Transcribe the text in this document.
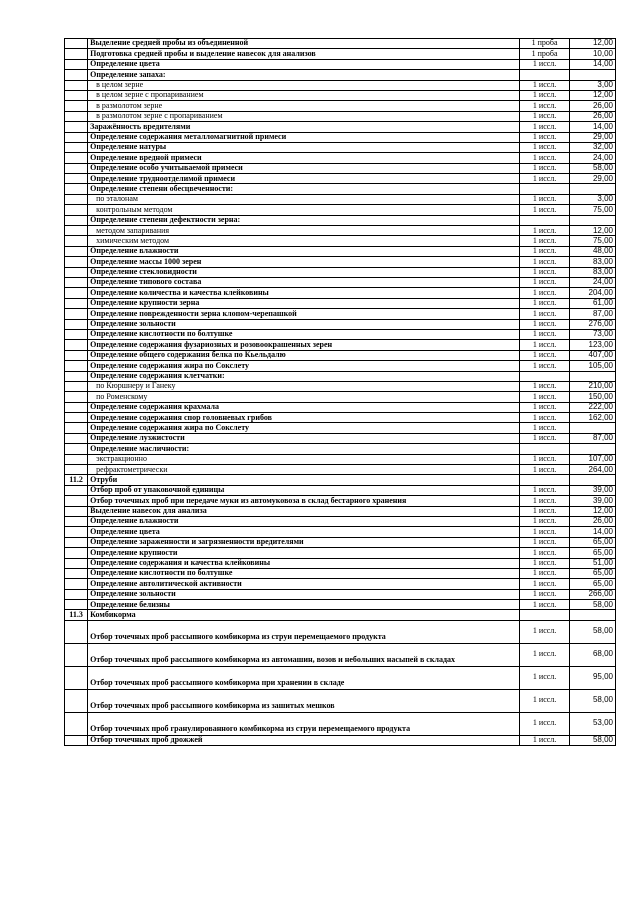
	Выделение средней пробы из объединенной	1 проба	12,00
	Подготовка средней пробы и выделение навесок для анализов	1 проба	10,00
	Определение цвета	1 иссл.	14,00
	Определение запаха:		
	в целом зерне	1 иссл.	3,00
	в целом зерне с пропариванием	1 иссл.	12,00
	в размолотом зерне	1 иссл.	26,00
	в размолотом зерне с пропариванием	1 иссл.	26,00
	Заражённость вредителями	1 иссл.	14,00
	Определение содержания металломагнитной примеси	1 иссл.	29,00
	Определение натуры	1 иссл.	32,00
	Определение вредной примеси	1 иссл.	24,00
	Определение особо учитываемой примеси	1 иссл.	58,00
	Определение трудноотделимой примеси	1 иссл.	29,00
	Определение степени обесцвеченности:		
	по эталонам	1 иссл.	3,00
	контрольным методом	1 иссл.	75,00
	Определение степени дефектности зерна:		
	методом запаривания	1 иссл.	12,00
	химическим методом	1 иссл.	75,00
	Определение влажности	1 иссл.	48,00
	Определение массы 1000 зерен	1 иссл.	83,00
	Определение стекловидности	1 иссл.	83,00
	Определение типового состава	1 иссл.	24,00
	Определение количества и качества клейковины	1 иссл.	204,00
	Определение крупности зерна	1 иссл.	61,00
	Определение поврежденности зерна клопом-черепашкой	1 иссл.	87,00
	Определение зольности	1 иссл.	276,00
	Определение кислотности по болтушке	1 иссл.	73,00
	Определение содержания фузариозных и розовоокрашенных зерен	1 иссл.	123,00
	Определение общего содержания белка по Кьельдалю	1 иссл.	407,00
	Определение содержания жира по Сокслету	1 иссл.	105,00
	Определение содержания клетчатки:		
	по Кюршнеру и Ганеку	1 иссл.	210,00
	по Роменскому	1 иссл.	150,00
	Определение содержания крахмала	1 иссл.	222,00
	Определение содержания спор головневых грибов	1 иссл.	162,00
	Определение содержания жира по Сокслету	1 иссл.	
	Определение лузжистости	1 иссл.	87,00
	Определение масличности:		
	экстракционно	1 иссл.	107,00
	рефрактометрически	1 иссл.	264,00
11.2	Отруби		
	Отбор проб от упаковочной единицы	1 иссл.	39,00
	Отбор точечных проб при передаче муки из автомуковоза в склад бестарного хранения	1 иссл.	39,00
	Выделение навесок для анализа	1 иссл.	12,00
	Определение влажности	1 иссл.	26,00
	Определение цвета	1 иссл.	14,00
	Определение зараженности и загрязненности вредителями	1 иссл.	65,00
	Определение крупности	1 иссл.	65,00
	Определение содержания и качества клейковины	1 иссл.	51,00
	Определение кислотности по болтушке	1 иссл.	65,00
	Определение автолитической активности	1 иссл.	65,00
	Определение зольности	1 иссл.	266,00
	Определение белизны	1 иссл.	58,00
11.3	Комбикорма		
	Отбор точечных проб рассыпного комбикорма из струи перемещаемого продукта	1 иссл.	58,00
	Отбор точечных проб рассыпного комбикорма из автомашин, возов и небольших насыпей в складах	1 иссл.	68,00
	Отбор точечных проб рассыпного комбикорма при хранении в складе	1 иссл.	95,00
	Отбор точечных проб рассыпного комбикорма из зашитых мешков	1 иссл.	58,00
	Отбор точечных проб гранулированного комбикорма из струи перемещаемого продукта	1 иссл.	53,00
	Отбор точечных проб дрожжей	1 иссл.	58,00
